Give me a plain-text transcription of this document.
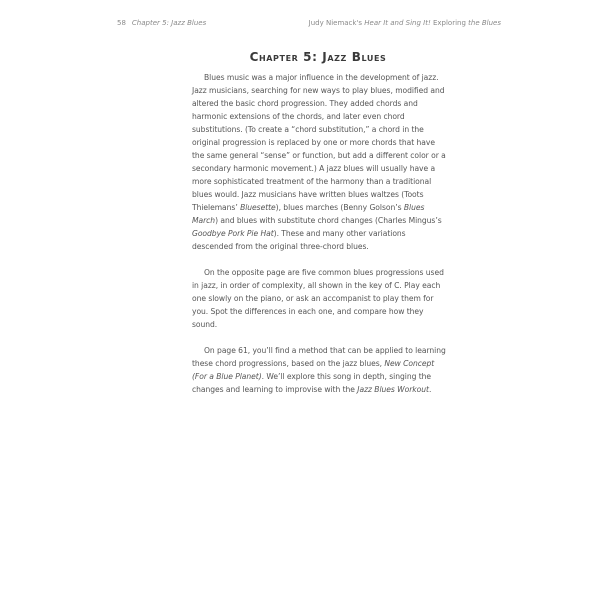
58 Chapter 5: Jazz Blues	Judy Niemack's Hear It and Sing It! Exploring the Blues
Chapter 5: Jazz Blues

Blues music was a major influence in the development of jazz. Jazz musicians, searching for new ways to play blues, modified and altered the basic chord progression. They added chords and harmonic extensions of the chords, and later even chord substitutions. (To create a “chord substitution,” a chord in the original progression is replaced by one or more chords that have the same general “sense” or function, but add a different color or a secondary harmonic movement.) A jazz blues will usually have a more sophisticated treatment of the harmony than a traditional blues would. Jazz musicians have written blues waltzes (Toots Thielemans’ Bluesette), blues marches (Benny Golson’s Blues March) and blues with substitute chord changes (Charles Mingus’s Goodbye Pork Pie Hat). These and many other variations descended from the original three-chord blues.

On the opposite page are five common blues progressions used in jazz, in order of complexity, all shown in the key of C. Play each one slowly on the piano, or ask an accompanist to play them for you. Spot the differences in each one, and compare how they sound.

On page 61, you’ll find a method that can be applied to learning these chord progressions, based on the jazz blues, New Concept (For a Blue Planet). We’ll explore this song in depth, singing the changes and learning to improvise with the Jazz Blues Workout.
